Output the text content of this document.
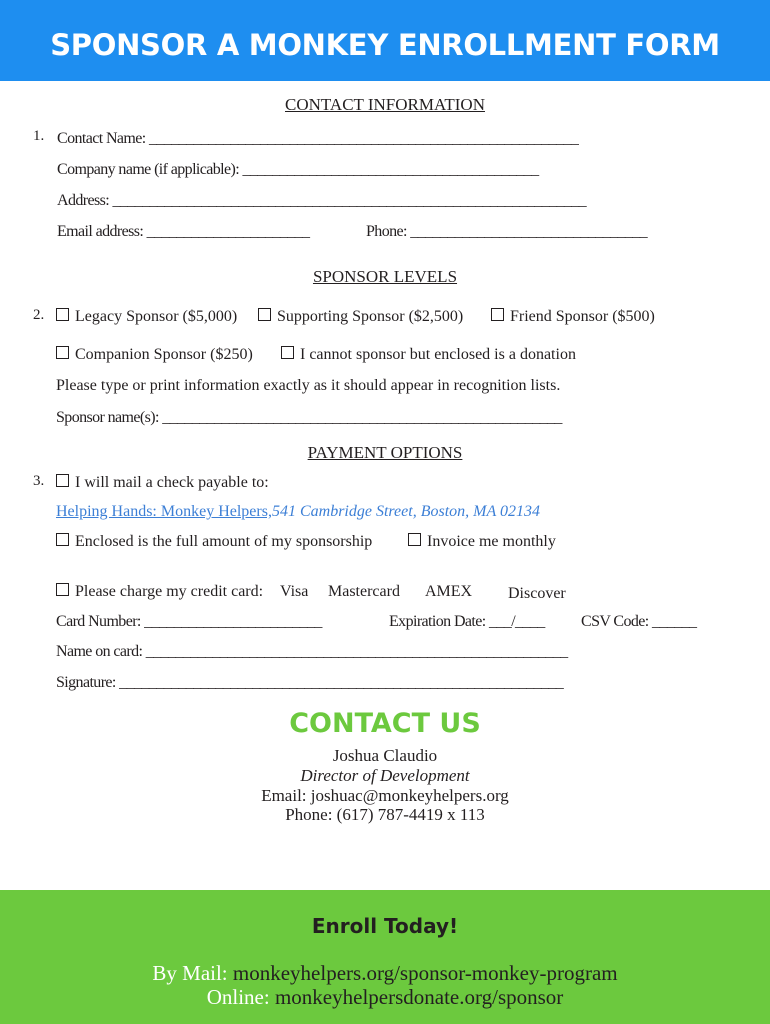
SPONSOR A MONKEY ENROLLMENT FORM
CONTACT INFORMATION
1. Contact Name: __________________________________________________________
Company name (if applicable): ________________________________________
Address: ________________________________________________________________
Email address: ______________________	Phone: ________________________________
SPONSOR LEVELS
2.	Legacy Sponsor ($5,000)	Supporting Sponsor ($2,500)	Friend Sponsor ($500)
Companion Sponsor ($250)	I cannot sponsor but enclosed is a donation
Please type or print information exactly as it should appear in recognition lists.
Sponsor name(s): ______________________________________________________
PAYMENT OPTIONS
3.	I will mail a check payable to:
Helping Hands: Monkey Helpers,541 Cambridge Street, Boston, MA 02134
Enclosed is the full amount of my sponsorship	Invoice me monthly
Please charge my credit card: Visa Mastercard AMEX Discover
Card Number: ________________________	Expiration Date: ___/____ CSV Code: ______
Name on card: _________________________________________________________
Signature: ____________________________________________________________
CONTACT US
Joshua Claudio
Director of Development
Email: joshuac@monkeyhelpers.org
Phone: (617) 787-4419 x 113
Enroll Today!
By Mail: monkeyhelpers.org/sponsor-monkey-program
Online: monkeyhelpersdonate.org/sponsor
